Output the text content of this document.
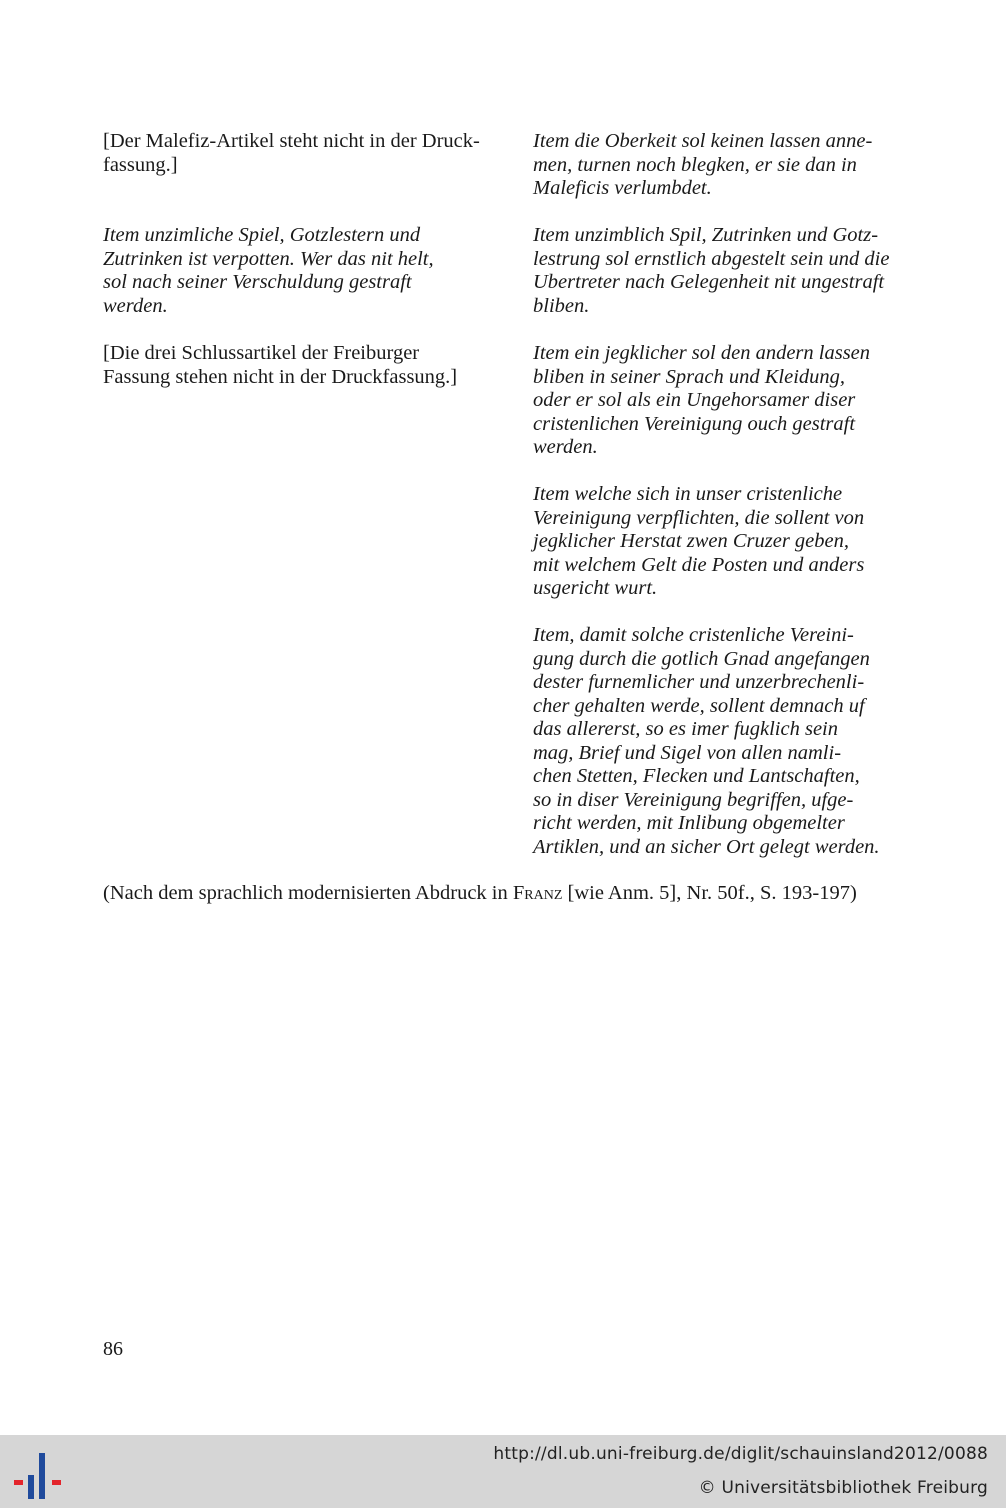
[Der Malefiz-Artikel steht nicht in der Druck-
fassung.]
Item unzimliche Spiel, Gotzlestern und
Zutrinken ist verpotten. Wer das nit helt,
sol nach seiner Verschuldung gestraft
werden.
[Die drei Schlussartikel der Freiburger
Fassung stehen nicht in der Druckfassung.]
Item die Oberkeit sol keinen lassen anne-
men, turnen noch blegken, er sie dan in
Maleficis verlumbdet.
Item unzimblich Spil, Zutrinken und Gotz-
lestrung sol ernstlich abgestelt sein und die
Ubertreter nach Gelegenheit nit ungestraft
bliben.
Item ein jegklicher sol den andern lassen
bliben in seiner Sprach und Kleidung,
oder er sol als ein Ungehorsamer diser
cristenlichen Vereinigung ouch gestraft
werden.
Item welche sich in unser cristenliche
Vereinigung verpflichten, die sollent von
jegklicher Herstat zwen Cruzer geben,
mit welchem Gelt die Posten und anders
usgericht wurt.
Item, damit solche cristenliche Vereini-
gung durch die gotlich Gnad angefangen
dester furnemlicher und unzerbrechenli-
cher gehalten werde, sollent demnach uf
das allererst, so es imer fugklich sein
mag, Brief und Sigel von allen namli-
chen Stetten, Flecken und Lantschaften,
so in diser Vereinigung begriffen, ufge-
richt werden, mit Inlibung obgemelter
Artiklen, und an sicher Ort gelegt werden.
(Nach dem sprachlich modernisierten Abdruck in Franz [wie Anm. 5], Nr. 50f., S. 193-197)
86
http://dl.ub.uni-freiburg.de/diglit/schauinsland2012/0088
© Universitätsbibliothek Freiburg
